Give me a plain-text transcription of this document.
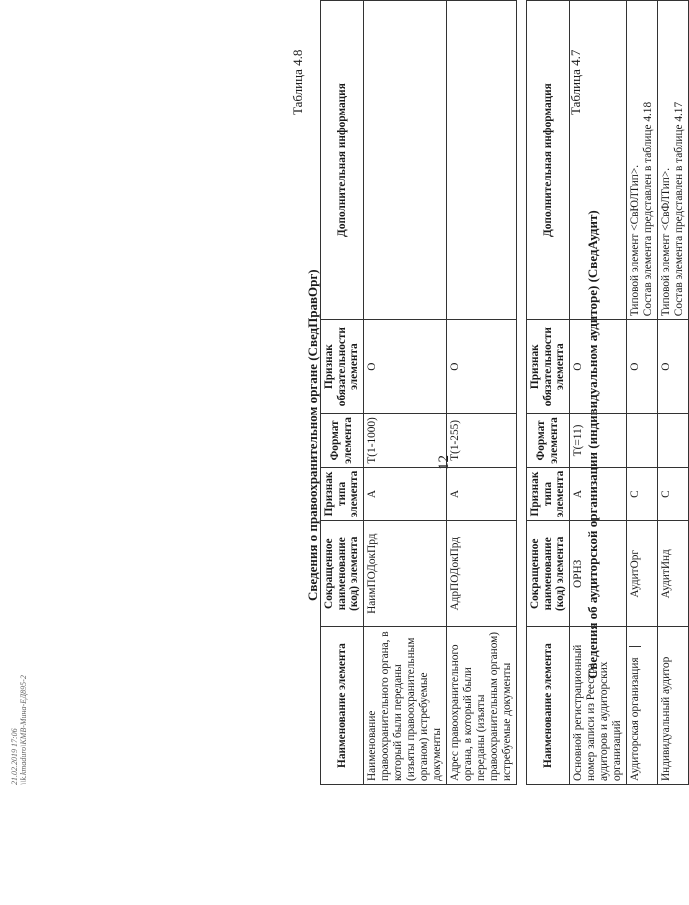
12
Таблица 4.7
Сведения об аудиторской организации (индивидуальном аудиторе) (СведАудит)
Наименование элемента	Сокращенное наименование (код) элемента	Признак типа элемента	Формат элемента	Признак обязательности элемента	Дополнительная информация
Основной регистрационный номер записи из Реестра аудиторов и аудиторских организаций	ОРНЗ	А	T(=11)	О	

Аудиторская организация	АудитОрг	С		О	Типовой элемент <СвЮЛТип>. Состав элемента представлен в таблице 4.18

Индивидуальный аудитор	АудитИнд	С		О	Типовой элемент <СвФЛТип>. Состав элемента представлен в таблице 4.17
Таблица 4.8
Сведения о правоохранительном органе (СведПравОрг)
Наименование элемента	Сокращенное наименование (код) элемента	Признак типа элемента	Формат элемента	Признак обязательности элемента	Дополнительная информация
Наименование правоохранительного органа, в который были переданы (изъяты правоохранительным органом) истребуемые документы	НаимПОДокПрд	А	T(1-1000)	О	
Адрес правоохранительного органа, в который были переданы (изъяты правоохранительным органом) истребуемые документы	АдрПОДокПрд	А	T(1-255)	О	
21.02.2019 17:06 \\k.kmaduro\КМВ-Мина-ЕД895-2
